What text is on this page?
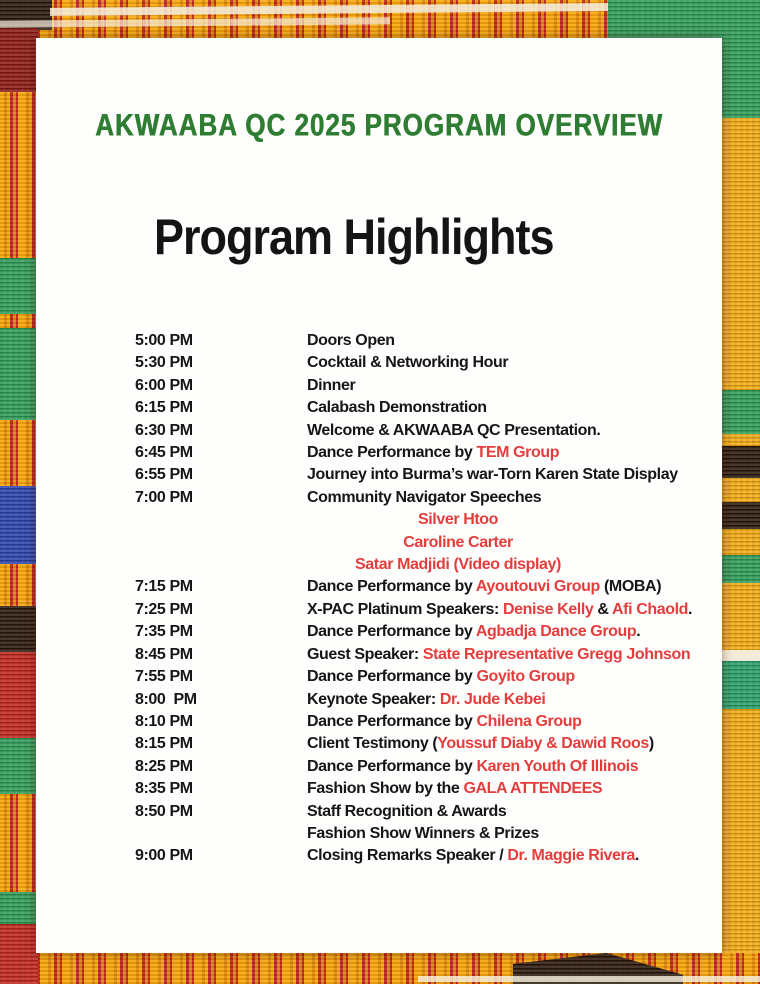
AKWAABA QC 2025 PROGRAM OVERVIEW
Program Highlights
5:00 PM	Doors Open
5:30 PM	Cocktail & Networking Hour
6:00 PM	Dinner
6:15 PM	Calabash Demonstration
6:30 PM	Welcome & AKWAABA QC Presentation.
6:45 PM	Dance Performance by TEM Group
6:55 PM	Journey into Burma’s war-Torn Karen State Display
7:00 PM	Community Navigator Speeches
Silver Htoo
Caroline Carter
Satar Madjidi (Video display)
7:15 PM	Dance Performance by Ayoutouvi Group (MOBA)
7:25 PM	X-PAC Platinum Speakers: Denise Kelly & Afi Chaold.
7:35 PM	Dance Performance by Agbadja Dance Group.
8:45 PM	Guest Speaker: State Representative Gregg Johnson
7:55 PM	Dance Performance by Goyito Group
8:00  PM	Keynote Speaker: Dr. Jude Kebei
8:10 PM	Dance Performance by Chilena Group
8:15 PM	Client Testimony (Youssuf Diaby & Dawid Roos)
8:25 PM	Dance Performance by Karen Youth Of Illinois
8:35 PM	Fashion Show by the GALA ATTENDEES
8:50 PM	Staff Recognition & Awards
Fashion Show Winners & Prizes
9:00 PM	Closing Remarks Speaker / Dr. Maggie Rivera.
